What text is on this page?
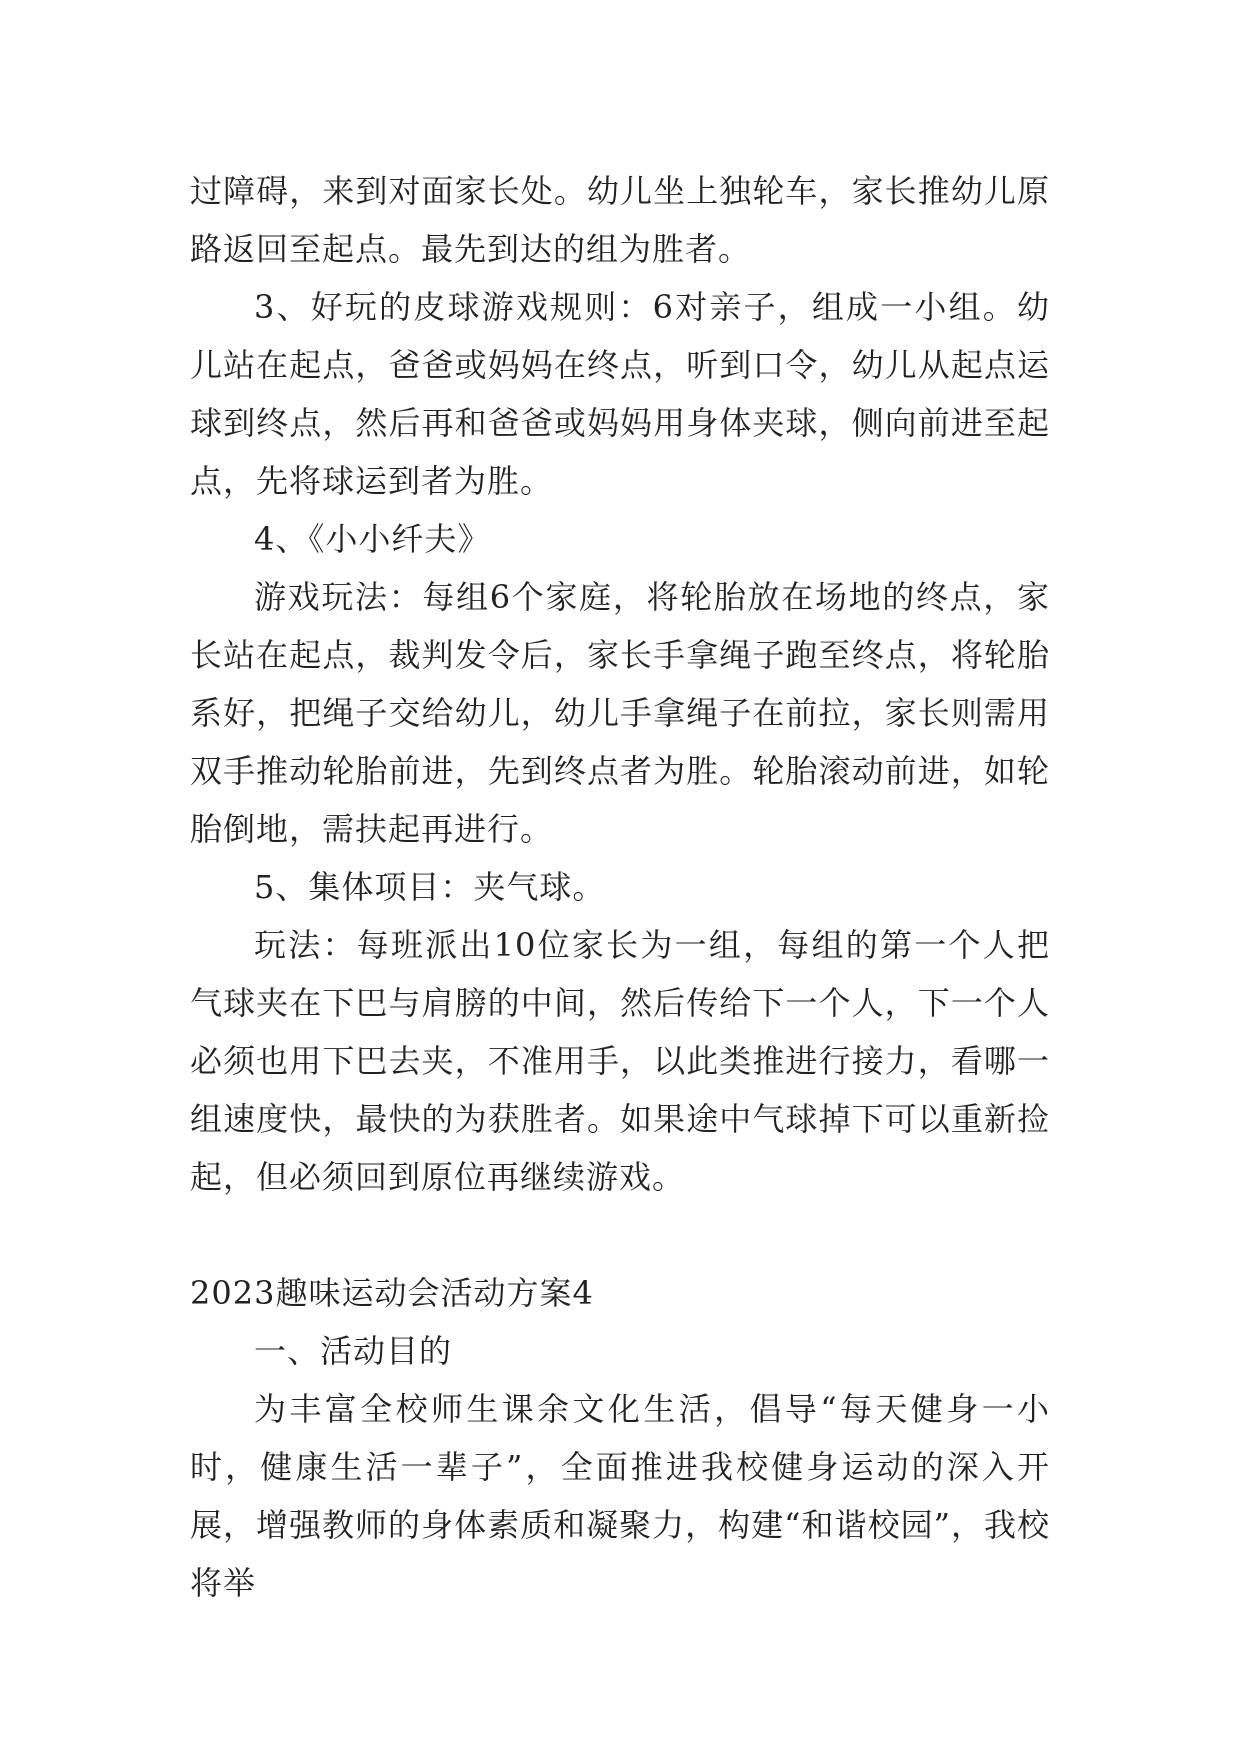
过障碍，来到对面家长处。幼儿坐上独轮车，家长推幼儿原路返回至起点。最先到达的组为胜者。

3、好玩的皮球游戏规则：6对亲子，组成一小组。幼儿站在起点，爸爸或妈妈在终点，听到口令，幼儿从起点运球到终点，然后再和爸爸或妈妈用身体夹球，侧向前进至起点，先将球运到者为胜。

4、《小小纤夫》

游戏玩法：每组6个家庭，将轮胎放在场地的终点，家长站在起点，裁判发令后，家长手拿绳子跑至终点，将轮胎系好，把绳子交给幼儿，幼儿手拿绳子在前拉，家长则需用双手推动轮胎前进，先到终点者为胜。轮胎滚动前进，如轮胎倒地，需扶起再进行。

5、集体项目：夹气球。

玩法：每班派出10位家长为一组，每组的第一个人把气球夹在下巴与肩膀的中间，然后传给下一个人，下一个人必须也用下巴去夹，不准用手，以此类推进行接力，看哪一组速度快，最快的为获胜者。如果途中气球掉下可以重新捡起，但必须回到原位再继续游戏。

2023趣味运动会活动方案4

一、活动目的

为丰富全校师生课余文化生活，倡导“每天健身一小时，健康生活一辈子”，全面推进我校健身运动的深入开展，增强教师的身体素质和凝聚力，构建“和谐校园”，我校将举
